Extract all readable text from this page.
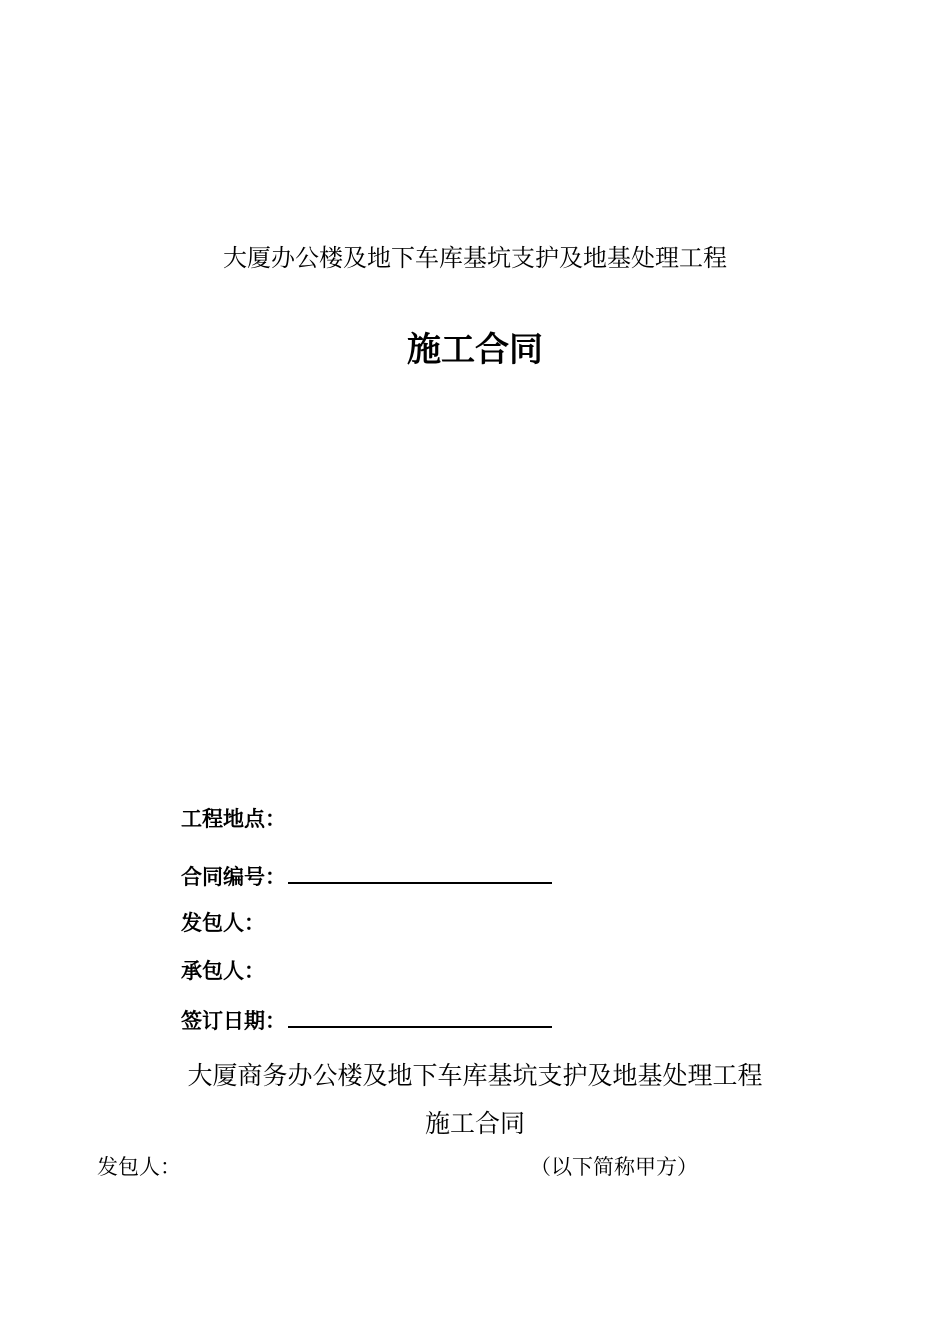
大厦办公楼及地下车库基坑支护及地基处理工程
施工合同
工程地点：
合同编号：
发包人：
承包人：
签订日期：
大厦商务办公楼及地下车库基坑支护及地基处理工程
施工合同
发包人：	（以下简称甲方）
